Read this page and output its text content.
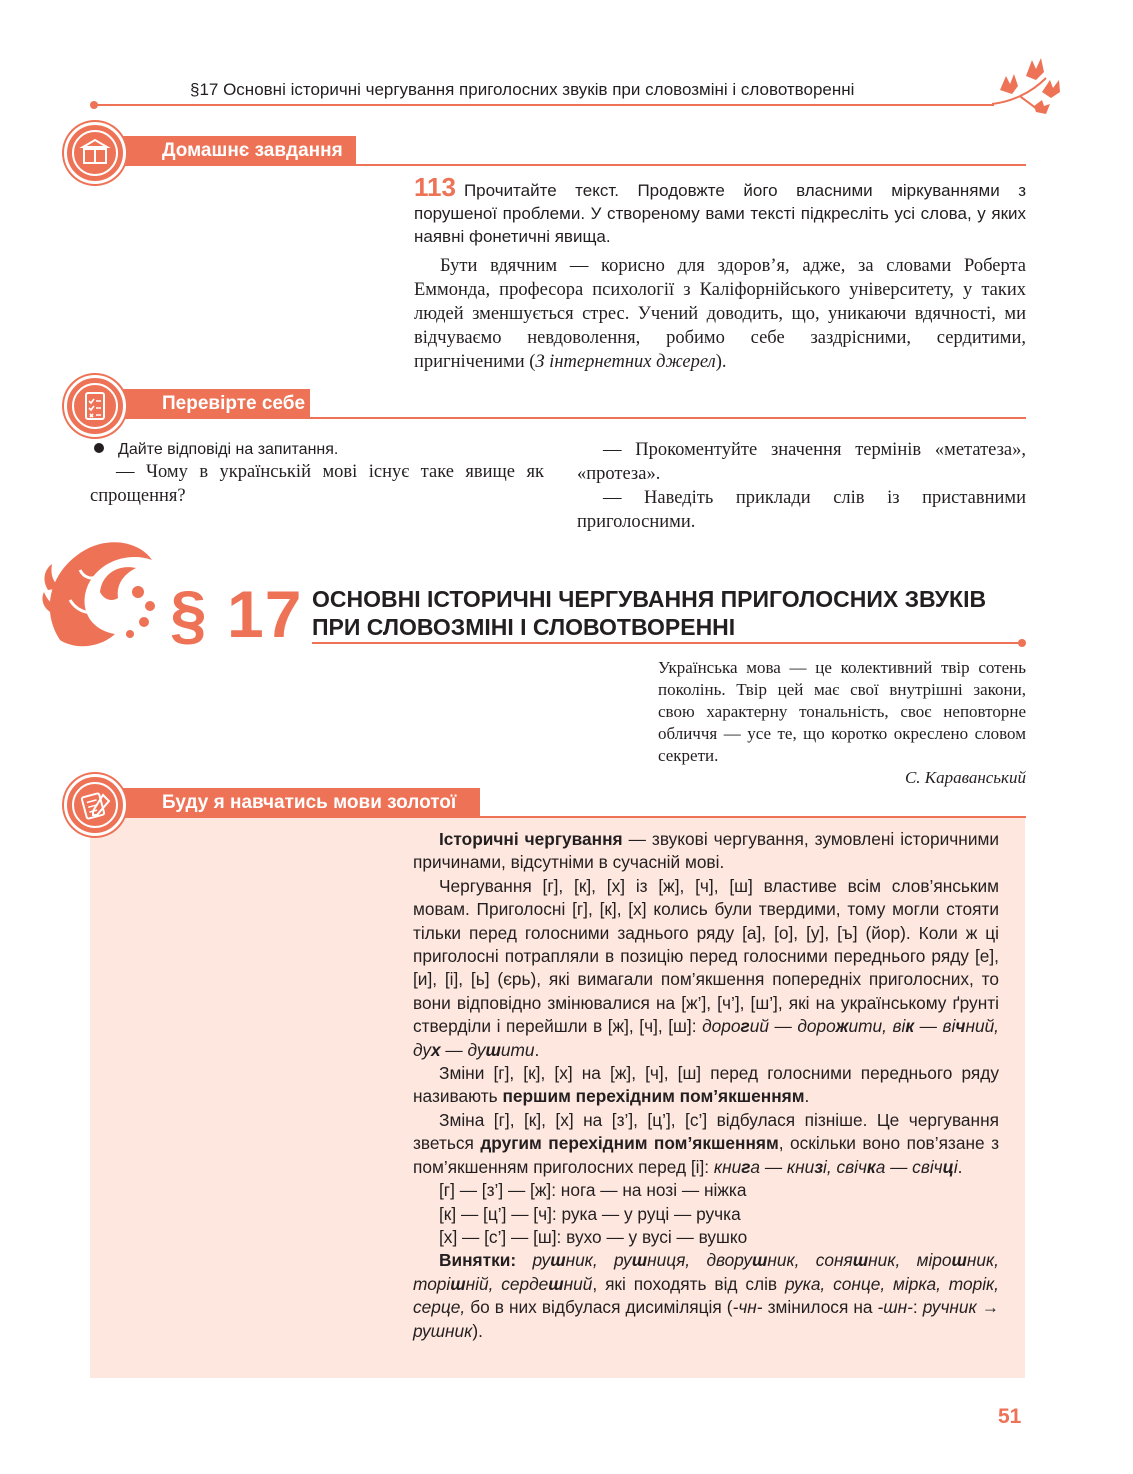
§17 Основні історичні чергування приголосних звуків при словозміні і словотворенні
Домашнє завдання
113 Прочитайте текст. Продовжте його власними міркуваннями з порушеної проблеми. У створеному вами тексті підкресліть усі слова, у яких наявні фонетичні явища.
Бути вдячним — корисно для здоров’я, адже, за словами Роберта Еммонда, професора психології з Каліфорнійського університету, у таких людей зменшується стрес. Учений доводить, що, уникаючи вдячності, ми відчуваємо невдоволення, робимо себе заздрісними, сердитими, пригніченими (З інтернетних джерел).
Перевірте себе
Дайте відповіді на запитання.
— Чому в українській мові існує таке явище як спрощення?
— Прокоментуйте значення термінів «метатеза», «протеза».
— Наведіть приклади слів із приставними приголосними.
§ 17 ОСНОВНІ ІСТОРИЧНІ ЧЕРГУВАННЯ ПРИГОЛОСНИХ ЗВУКІВ
ПРИ СЛОВОЗМІНІ І СЛОВОТВОРЕННІ
Українська мова — це колективний твір сотень поколінь. Твір цей має свої внутрішні закони, свою характерну тональність, своє неповторне обличчя — усе те, що коротко окреслено словом секрети.
С. Караванський
Буду я навчатись мови золотої

Історичні чергування — звукові чергування, зумовлені історичними причинами, відсутніми в сучасній мові.

Чергування [г], [к], [х] із [ж], [ч], [ш] властиве всім слов’янським мовам. Приголосні [г], [к], [х] колись були твердими, тому могли стояти тільки перед голосними заднього ряду [а], [о], [у], [ъ] (йор). Коли ж ці приголосні потрапляли в позицію перед голосними переднього ряду [е], [и], [і], [ь] (єрь), які вимагали пом’якшення попередніх приголосних, то вони відповідно змінювалися на [ж’], [ч’], [ш’], які на українському ґрунті стверділи і перейшли в [ж], [ч], [ш]: дорогий — дорожити, вік — вічний, дух — душити.

Зміни [г], [к], [х] на [ж], [ч], [ш] перед голосними переднього ряду називають першим перехідним пом’якшенням.

Зміна [г], [к], [х] на [з’], [ц’], [с’] відбулася пізніше. Це чергування зветься другим перехідним пом’якшенням, оскільки воно пов’язане з пом’якшенням приголосних перед [і]: книга — книзі, свічка — свічці.

[г] — [з’] — [ж]: нога — на нозі — ніжка

[к] — [ц’] — [ч]: рука — у руці — ручка

[х] — [с’] — [ш]: вухо — у вусі — вушко

Винятки: рушник, рушниця, дворушник, соняшник, мірошник, торішній, сердешний, які походять від слів рука, сонце, мірка, торік, серце, бо в них відбулася дисиміляція (-чн- змінилося на -шн-: ручник → рушник).

51
